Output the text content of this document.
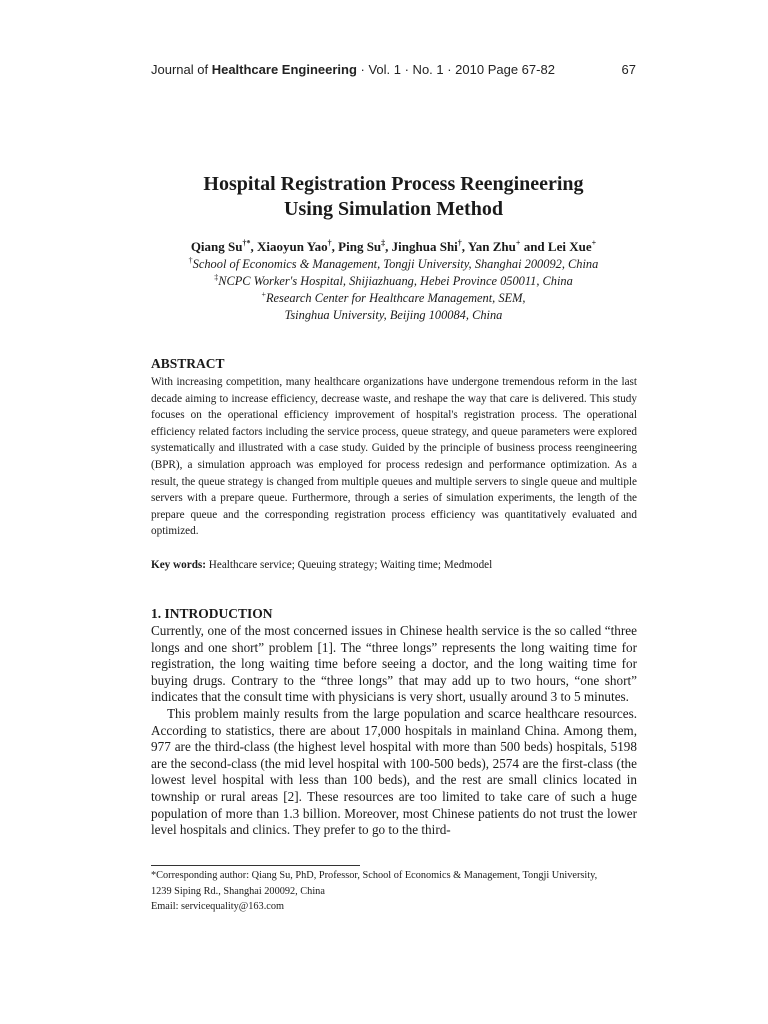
Journal of Healthcare Engineering · Vol. 1 · No. 1 · 2010 Page 67-82	67
Hospital Registration Process Reengineering
Using Simulation Method
Qiang Su†*, Xiaoyun Yao†, Ping Su‡, Jinghua Shi†, Yan Zhu+ and Lei Xue+
†School of Economics & Management, Tongji University, Shanghai 200092, China
‡NCPC Worker's Hospital, Shijiazhuang, Hebei Province 050011, China
+Research Center for Healthcare Management, SEM,
Tsinghua University, Beijing 100084, China
ABSTRACT
With increasing competition, many healthcare organizations have undergone tremendous reform in the last decade aiming to increase efficiency, decrease waste, and reshape the way that care is delivered. This study focuses on the operational efficiency improvement of hospital's registration process. The operational efficiency related factors including the service process, queue strategy, and queue parameters were explored systematically and illustrated with a case study. Guided by the principle of business process reengineering (BPR), a simulation approach was employed for process redesign and performance optimization. As a result, the queue strategy is changed from multiple queues and multiple servers to single queue and multiple servers with a prepare queue. Furthermore, through a series of simulation experiments, the length of the prepare queue and the corresponding registration process efficiency was quantitatively evaluated and optimized.
Key words: Healthcare service; Queuing strategy; Waiting time; Medmodel
1. INTRODUCTION

Currently, one of the most concerned issues in Chinese health service is the so called “three longs and one short” problem [1]. The “three longs” represents the long waiting time for registration, the long waiting time before seeing a doctor, and the long waiting time for buying drugs. Contrary to the “three longs” that may add up to two hours, “one short” indicates that the consult time with physicians is very short, usually around 3 to 5 minutes.

This problem mainly results from the large population and scarce healthcare resources. According to statistics, there are about 17,000 hospitals in mainland China. Among them, 977 are the third-class (the highest level hospital with more than 500 beds) hospitals, 5198 are the second-class (the mid level hospital with 100-500 beds), 2574 are the first-class (the lowest level hospital with less than 100 beds), and the rest are small clinics located in township or rural areas [2]. These resources are too limited to take care of such a huge population of more than 1.3 billion. Moreover, most Chinese patients do not trust the lower level hospitals and clinics. They prefer to go to the third-

*Corresponding author: Qiang Su, PhD, Professor, School of Economics & Management, Tongji University,
1239 Siping Rd., Shanghai 200092, China
Email: servicequality@163.com
